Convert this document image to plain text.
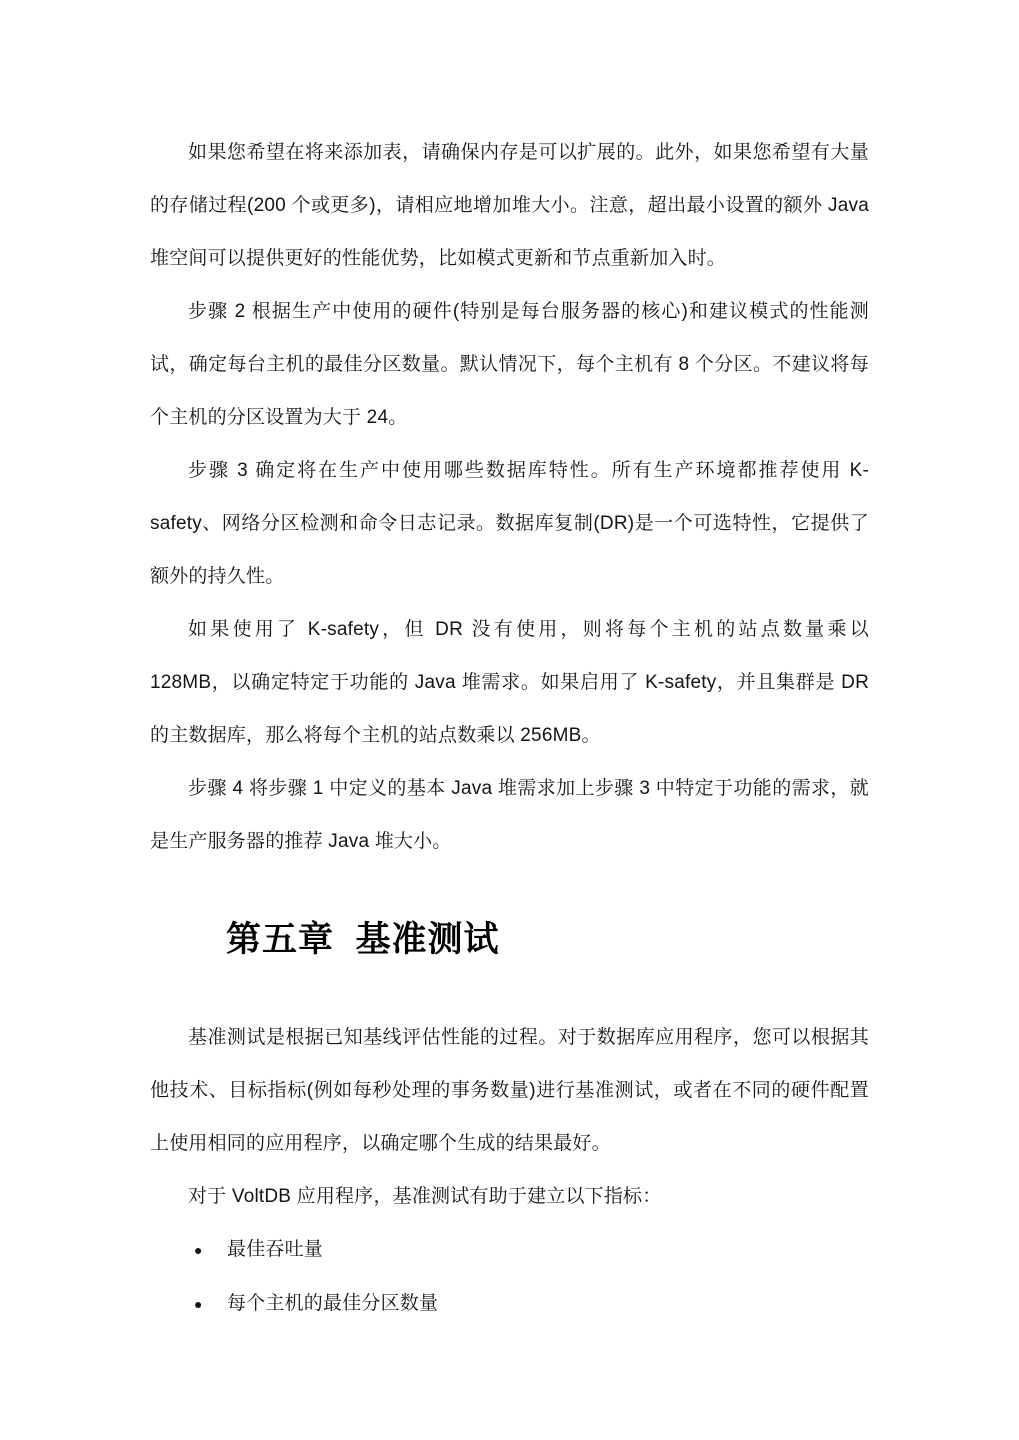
如果您希望在将来添加表，请确保内存是可以扩展的。此外，如果您希望有大量的存储过程(200 个或更多)，请相应地增加堆大小。注意，超出最小设置的额外 Java 堆空间可以提供更好的性能优势，比如模式更新和节点重新加入时。

步骤 2 根据生产中使用的硬件(特别是每台服务器的核心)和建议模式的性能测试，确定每台主机的最佳分区数量。默认情况下，每个主机有 8 个分区。不建议将每个主机的分区设置为大于 24。

步骤 3 确定将在生产中使用哪些数据库特性。所有生产环境都推荐使用 K-safety、网络分区检测和命令日志记录。数据库复制(DR)是一个可选特性，它提供了额外的持久性。

如果使用了 K-safety，但 DR 没有使用，则将每个主机的站点数量乘以 128MB，以确定特定于功能的 Java 堆需求。如果启用了 K-safety，并且集群是 DR 的主数据库，那么将每个主机的站点数乘以 256MB。

步骤 4 将步骤 1 中定义的基本 Java 堆需求加上步骤 3 中特定于功能的需求，就是生产服务器的推荐 Java 堆大小。

第五章  基准测试

基准测试是根据已知基线评估性能的过程。对于数据库应用程序，您可以根据其他技术、目标指标(例如每秒处理的事务数量)进行基准测试，或者在不同的硬件配置上使用相同的应用程序，以确定哪个生成的结果最好。

对于 VoltDB 应用程序，基准测试有助于建立以下指标：

● 最佳吞吐量
● 每个主机的最佳分区数量
